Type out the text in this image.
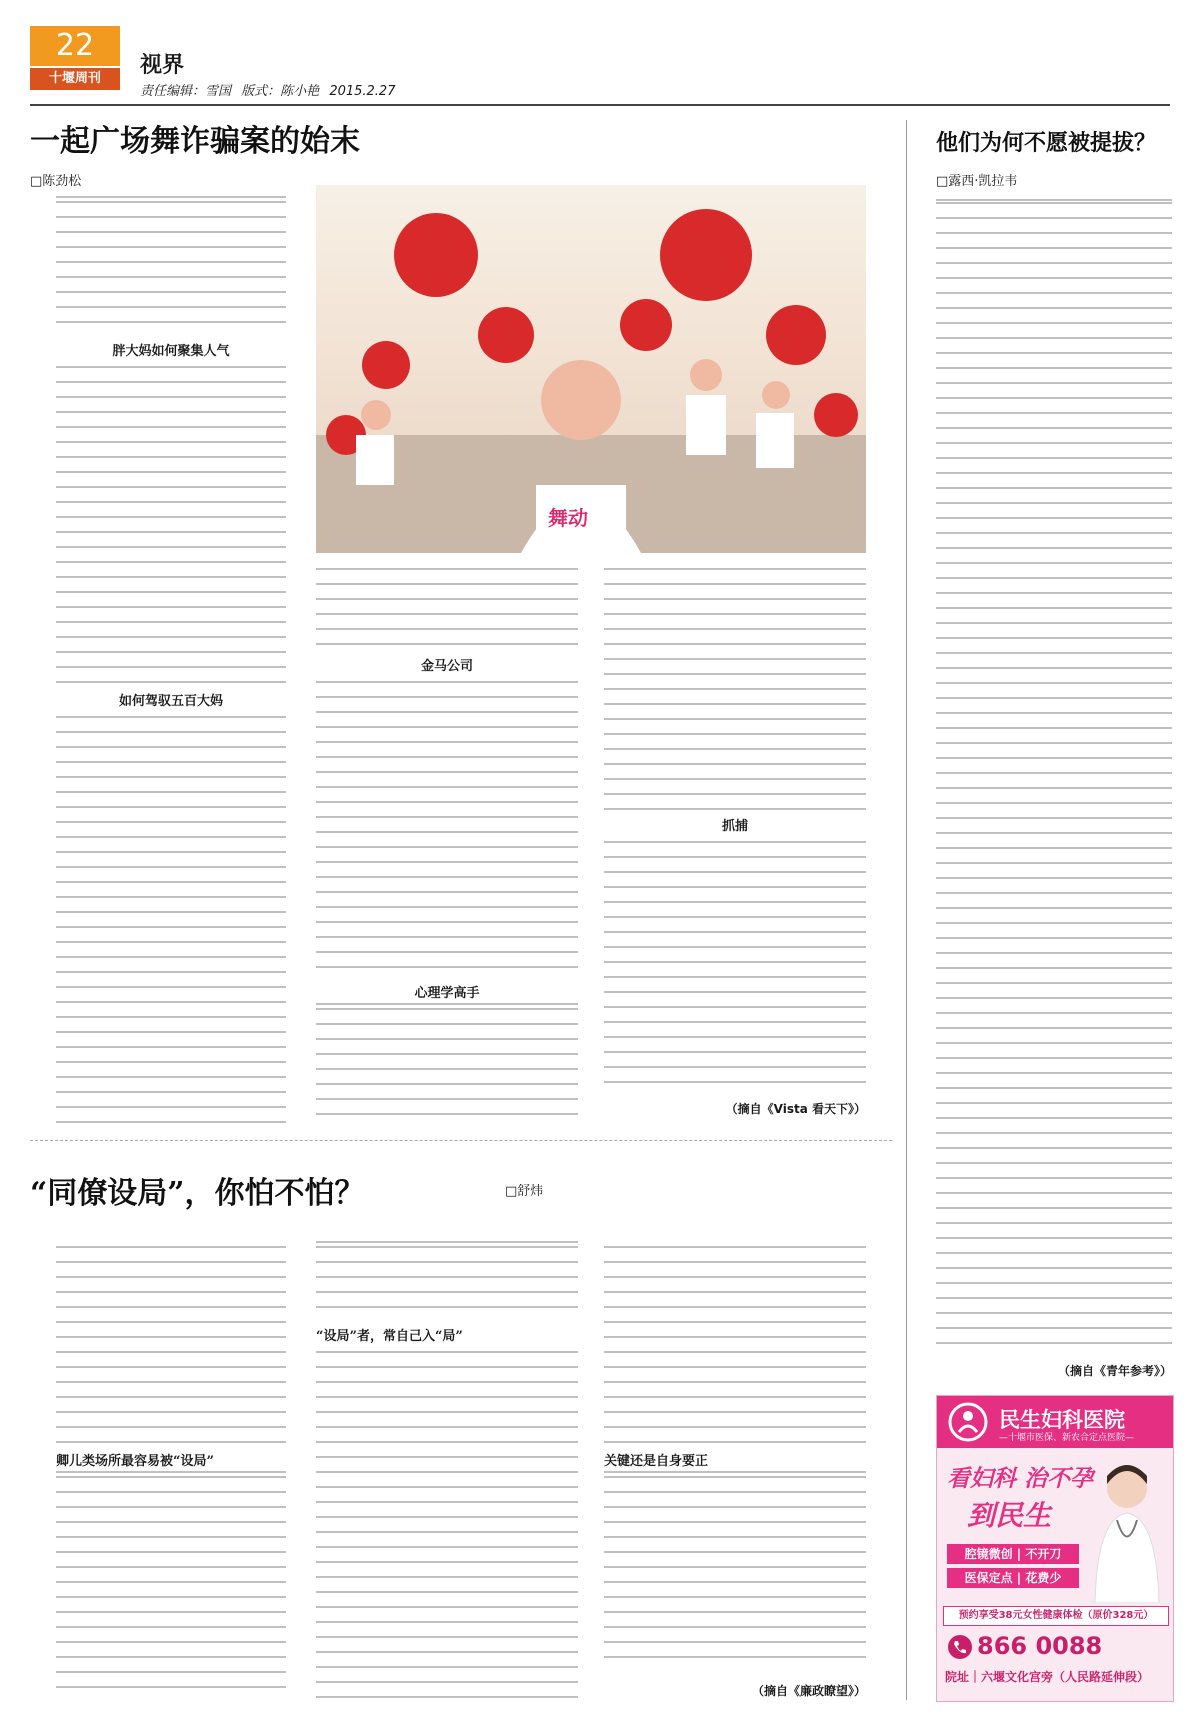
22
十堰周刊
视界
责任编辑：雪国 版式：陈小艳 2015.2.27
一起广场舞诈骗案的始末
□陈劲松
舞动
胖大妈如何聚集人气
如何驾驭五百大妈
金马公司
心理学高手
抓捕
（摘自《Vista 看天下》）
“同僚设局”，你怕不怕？	□舒炜
卿儿类场所最容易被“设局”
“设局”者，常自己入“局”
关键还是自身要正
（摘自《廉政瞭望》）
他们为何不愿被提拔？
□露西·凯拉韦
（摘自《青年参考》）
民生妇科医院
—十堰市医保、新农合定点医院—
看妇科 治不孕
到民生
腔镜微创 | 不开刀
医保定点 | 花费少
预约享受38元女性健康体检（原价328元）
866 0088
院址｜六堰文化宫旁（人民路延伸段）
